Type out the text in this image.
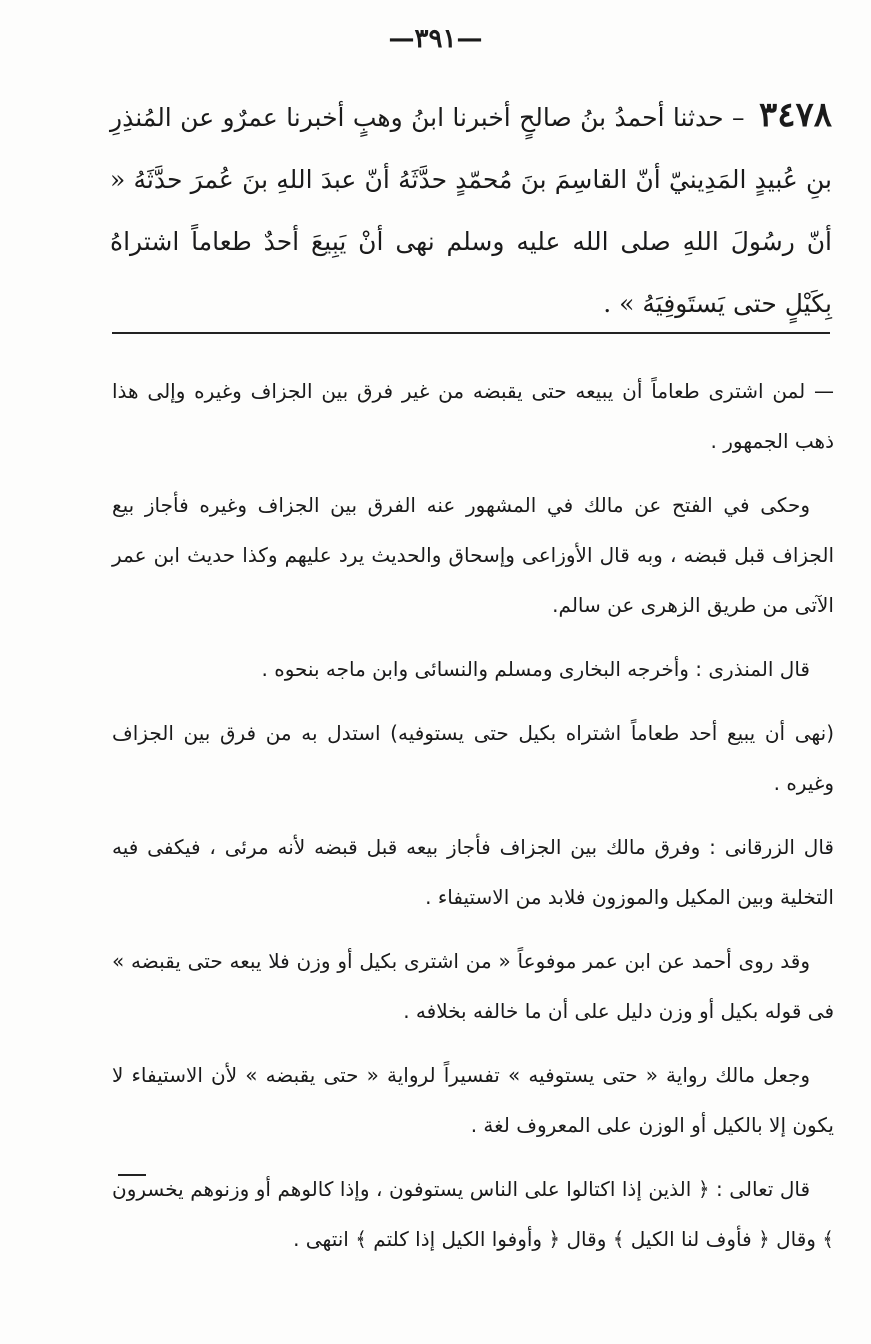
—٣٩١—
٣٤٧٨ – حدثنا أحمدُ بنُ صالحٍ أخبرنا ابنُ وهبٍ أخبرنا عمرٌو عن المُنذِرِ بنِ عُبيدٍ المَدِينيّ أنّ القاسِمَ بنَ مُحمّدٍ حدَّثَهُ أنّ عبدَ اللهِ بنَ عُمرَ حدَّثَهُ « أنّ رسُولَ اللهِ صلى الله عليه وسلم نهى أنْ يَبِيعَ أحدٌ طعاماً اشتراهُ بِكَيْلٍ حتى يَستَوفِيَهُ » .

— لمن اشترى طعاماً أن يبيعه حتى يقبضه من غير فرق بين الجزاف وغيره وإلى هذا ذهب الجمهور .

وحكى في الفتح عن مالك في المشهور عنه الفرق بين الجزاف وغيره فأجاز بيع الجزاف قبل قبضه ، وبه قال الأوزاعى وإسحاق والحديث يرد عليهم وكذا حديث ابن عمر الآتى من طريق الزهرى عن سالم.

قال المنذرى : وأخرجه البخارى ومسلم والنسائى وابن ماجه بنحوه .

(نهى أن يبيع أحد طعاماً اشتراه بكيل حتى يستوفيه) استدل به من فرق بين الجزاف وغيره .

قال الزرقانى : وفرق مالك بين الجزاف فأجاز بيعه قبل قبضه لأنه مرئى ، فيكفى فيه التخلية وبين المكيل والموزون فلابد من الاستيفاء .

وقد روى أحمد عن ابن عمر موفوعاً « من اشترى بكيل أو وزن فلا يبعه حتى يقبضه » فى قوله بكيل أو وزن دليل على أن ما خالفه بخلافه .

وجعل مالك رواية « حتى يستوفيه » تفسيراً لرواية « حتى يقبضه » لأن الاستيفاء لا يكون إلا بالكيل أو الوزن على المعروف لغة .

قال تعالى : ﴿ الذين إذا اكتالوا على الناس يستوفون ، وإذا كالوهم أو وزنوهم يخسرون ﴾ وقال ﴿ فأوف لنا الكيل ﴾ وقال ﴿ وأوفوا الكيل إذا كلتم ﴾ انتهى .
